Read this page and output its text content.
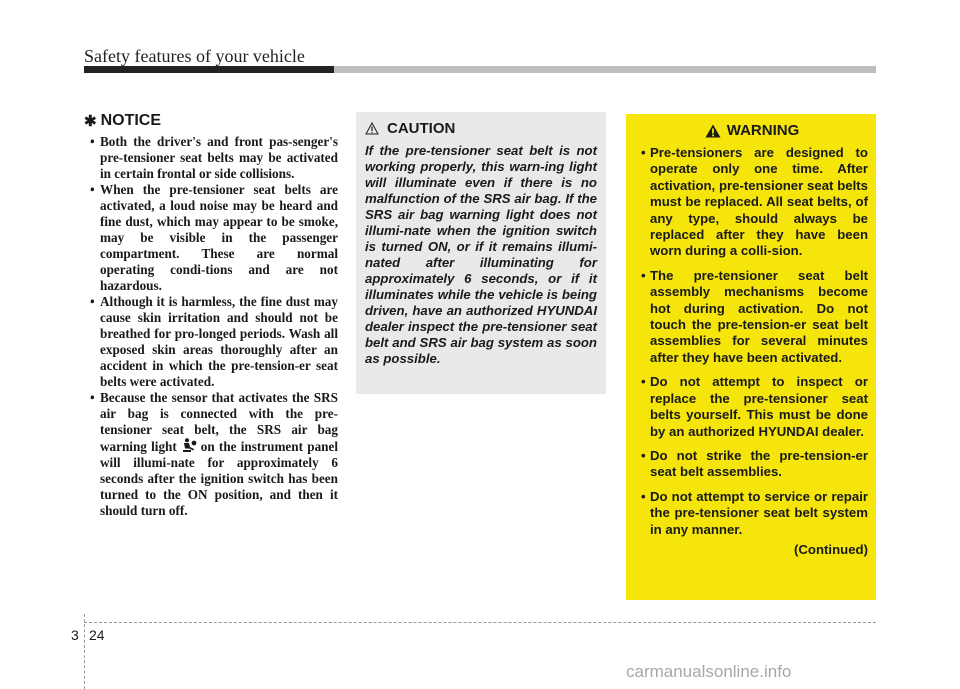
Safety features of your vehicle
✱ NOTICE
• Both the driver's and front pas-senger's pre-tensioner seat belts may be activated in certain frontal or side collisions.
• When the pre-tensioner seat belts are activated, a loud noise may be heard and fine dust, which may appear to be smoke, may be visible in the passenger compartment. These are normal operating condi-tions and are not hazardous.
• Although it is harmless, the fine dust may cause skin irritation and should not be breathed for pro-longed periods. Wash all exposed skin areas thoroughly after an accident in which the pre-tension-er seat belts were activated.
• Because the sensor that activates the SRS air bag is connected with the pre-tensioner seat belt, the SRS air bag warning light on the instrument panel will illumi-nate for approximately 6 seconds after the ignition switch has been turned to the ON position, and then it should turn off.
CAUTION

If the pre-tensioner seat belt is not working properly, this warn-ing light will illuminate even if there is no malfunction of the SRS air bag. If the SRS air bag warning light does not illumi-nate when the ignition switch is turned ON, or if it remains illumi-nated after illuminating for approximately 6 seconds, or if it illuminates while the vehicle is being driven, have an authorized HYUNDAI dealer inspect the pre-tensioner seat belt and SRS air bag system as soon as possible.

WARNING
• Pre-tensioners are designed to operate only one time. After activation, pre-tensioner seat belts must be replaced. All seat belts, of any type, should always be replaced after they have been worn during a colli-sion.
• The pre-tensioner seat belt assembly mechanisms become hot during activation. Do not touch the pre-tension-er seat belt assemblies for several minutes after they have been activated.
• Do not attempt to inspect or replace the pre-tensioner seat belts yourself. This must be done by an authorized HYUNDAI dealer.
• Do not strike the pre-tension-er seat belt assemblies.
• Do not attempt to service or repair the pre-tensioner seat belt system in any manner.
(Continued)
3 24
carmanualsonline.info
